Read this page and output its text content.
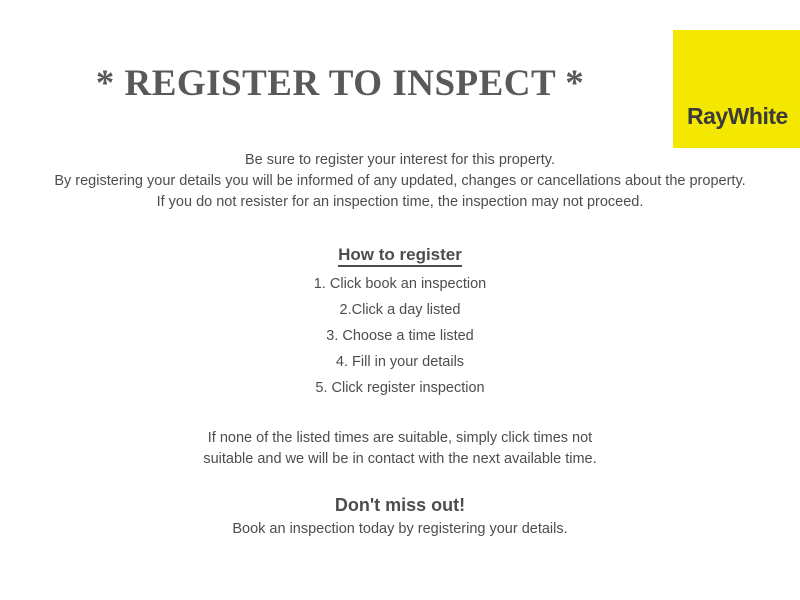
RayWhite
* REGISTER TO INSPECT *
Be sure to register your interest for this property.
By registering your details you will be informed of any updated, changes or cancellations about the property.
If you do not resister for an inspection time, the inspection may not proceed.
How to register
1. Click book an inspection
2.Click a day listed
3. Choose a time listed
4. Fill in your details
5. Click register inspection
If none of the listed times are suitable, simply click times not
suitable and we will be in contact with the next available time.
Don't miss out!
Book an inspection today by registering your details.
